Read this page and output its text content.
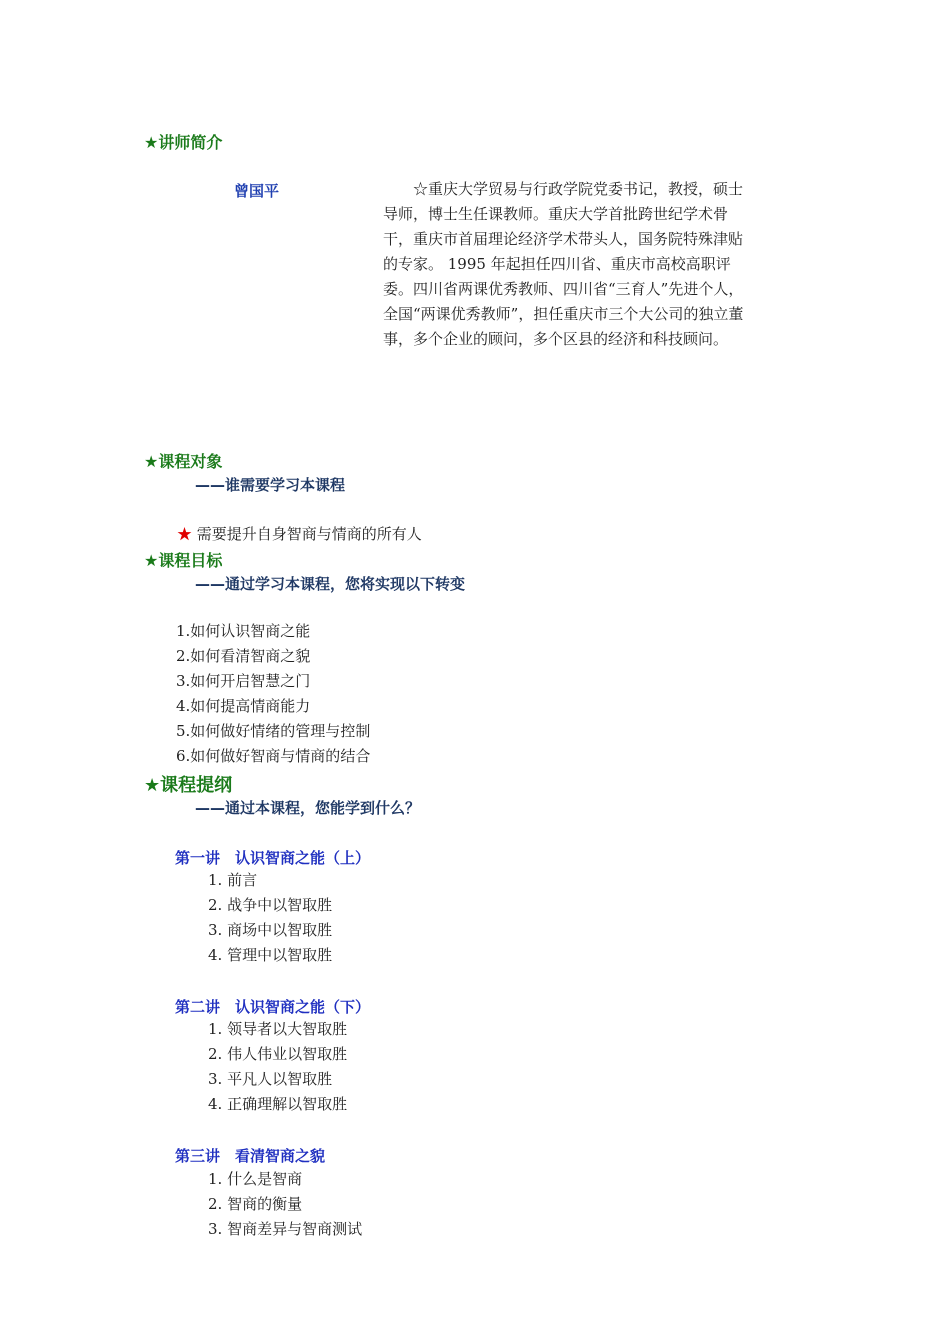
★讲师简介
曾国平	☆重庆大学贸易与行政学院党委书记，教授，硕士导师，博士生任课教师。重庆大学首批跨世纪学术骨干，重庆市首届理论经济学术带头人，国务院特殊津贴的专家。 1995 年起担任四川省、重庆市高校高职评委。四川省两课优秀教师、四川省“三育人”先进个人，全国“两课优秀教师”，担任重庆市三个大公司的独立董事，多个企业的顾问，多个区县的经济和科技顾问。
★课程对象
——谁需要学习本课程
★ 需要提升自身智商与情商的所有人
★课程目标
——通过学习本课程，您将实现以下转变
1.如何认识智商之能
2.如何看清智商之貌
3.如何开启智慧之门
4.如何提高情商能力
5.如何做好情绪的管理与控制
6.如何做好智商与情商的结合
★课程提纲
——通过本课程，您能学到什么？
第一讲　认识智商之能（上）
1. 前言
2. 战争中以智取胜
3. 商场中以智取胜
4. 管理中以智取胜
第二讲　认识智商之能（下）
1. 领导者以大智取胜
2. 伟人伟业以智取胜
3. 平凡人以智取胜
4. 正确理解以智取胜
第三讲　看清智商之貌
1. 什么是智商
2. 智商的衡量
3. 智商差异与智商测试
